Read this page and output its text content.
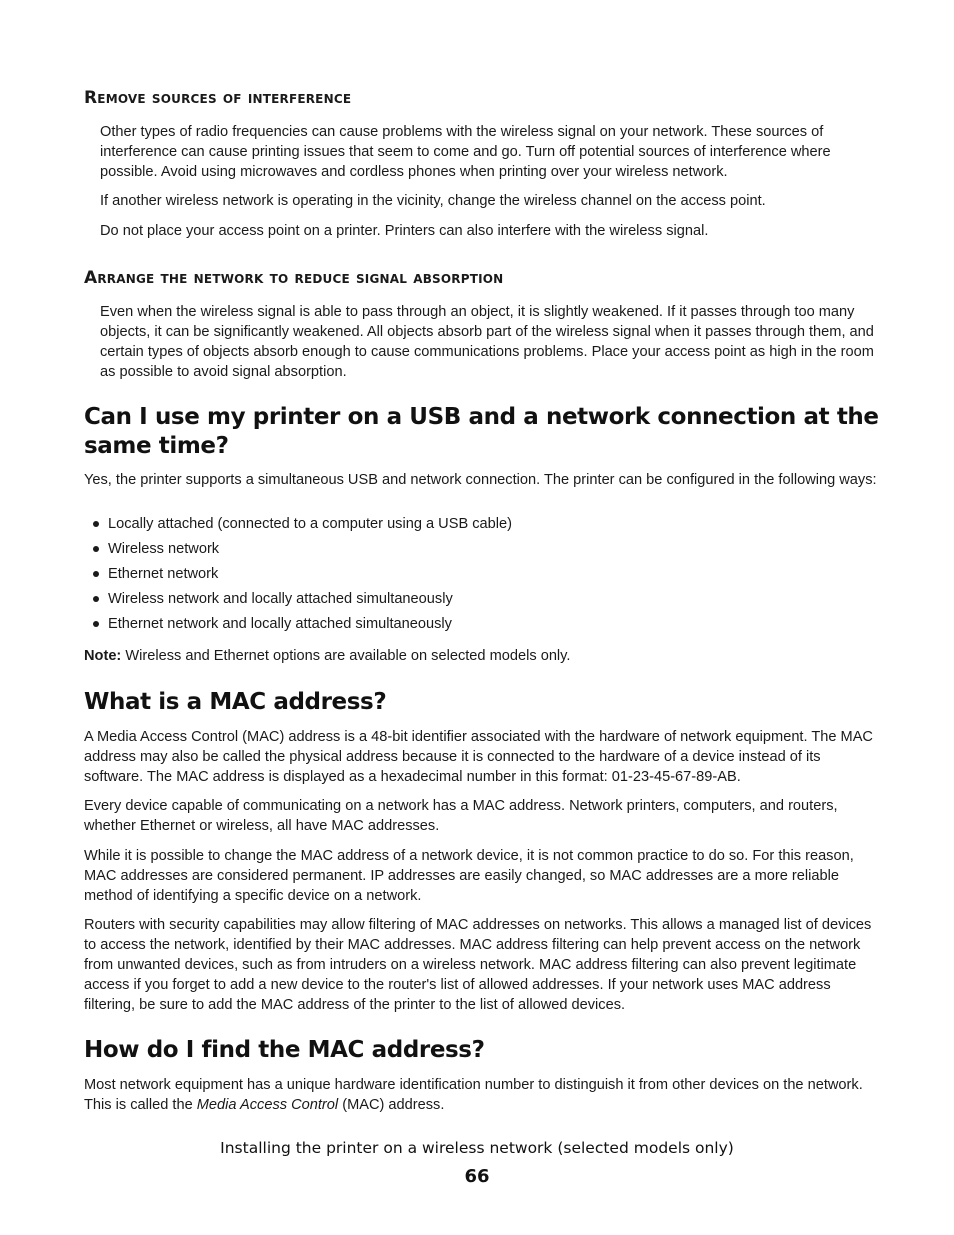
Remove sources of interference

Other types of radio frequencies can cause problems with the wireless signal on your network. These sources of interference can cause printing issues that seem to come and go. Turn off potential sources of interference where possible. Avoid using microwaves and cordless phones when printing over your wireless network.

If another wireless network is operating in the vicinity, change the wireless channel on the access point.

Do not place your access point on a printer. Printers can also interfere with the wireless signal.

Arrange the network to reduce signal absorption

Even when the wireless signal is able to pass through an object, it is slightly weakened. If it passes through too many objects, it can be significantly weakened. All objects absorb part of the wireless signal when it passes through them, and certain types of objects absorb enough to cause communications problems. Place your access point as high in the room as possible to avoid signal absorption.

Can I use my printer on a USB and a network connection at the same time?

Yes, the printer supports a simultaneous USB and network connection. The printer can be configured in the following ways:

Locally attached (connected to a computer using a USB cable)
Wireless network
Ethernet network
Wireless network and locally attached simultaneously
Ethernet network and locally attached simultaneously

Note: Wireless and Ethernet options are available on selected models only.

What is a MAC address?

A Media Access Control (MAC) address is a 48-bit identifier associated with the hardware of network equipment. The MAC address may also be called the physical address because it is connected to the hardware of a device instead of its software. The MAC address is displayed as a hexadecimal number in this format: 01-23-45-67-89-AB.

Every device capable of communicating on a network has a MAC address. Network printers, computers, and routers, whether Ethernet or wireless, all have MAC addresses.

While it is possible to change the MAC address of a network device, it is not common practice to do so. For this reason, MAC addresses are considered permanent. IP addresses are easily changed, so MAC addresses are a more reliable method of identifying a specific device on a network.

Routers with security capabilities may allow filtering of MAC addresses on networks. This allows a managed list of devices to access the network, identified by their MAC addresses. MAC address filtering can help prevent access on the network from unwanted devices, such as from intruders on a wireless network. MAC address filtering can also prevent legitimate access if you forget to add a new device to the router's list of allowed addresses. If your network uses MAC address filtering, be sure to add the MAC address of the printer to the list of allowed devices.

How do I find the MAC address?

Most network equipment has a unique hardware identification number to distinguish it from other devices on the network. This is called the Media Access Control (MAC) address.

Installing the printer on a wireless network (selected models only)
66
